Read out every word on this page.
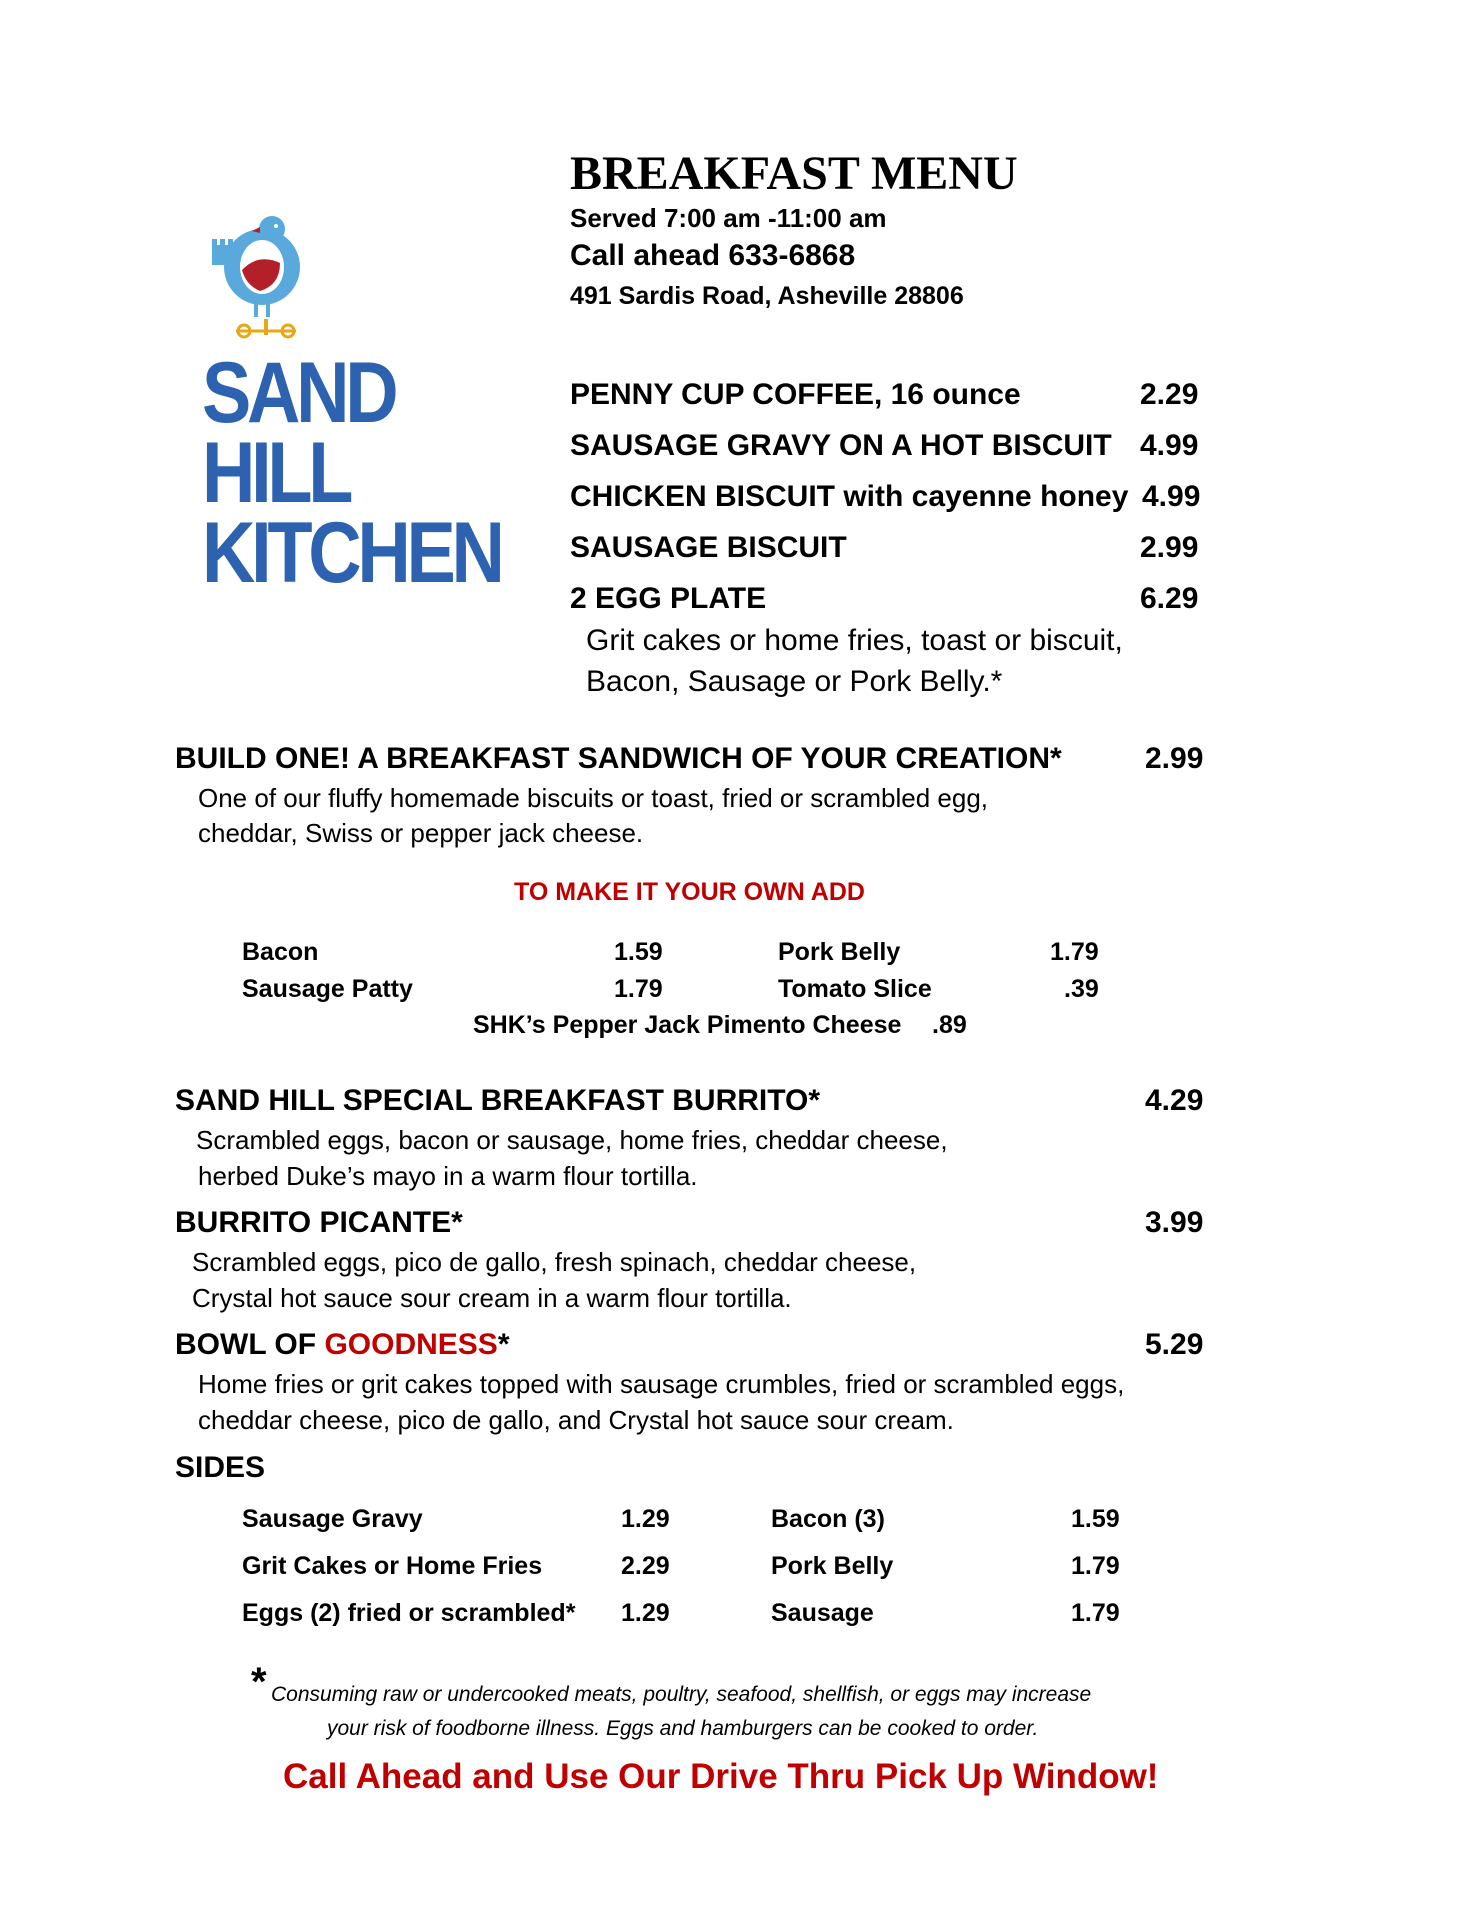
BREAKFAST MENU
Served 7:00 am -11:00 am
Call ahead 633-6868
491 Sardis Road, Asheville 28806
SAND
HILL
KITCHEN
PENNY CUP COFFEE, 16 ounce	2.29
SAUSAGE GRAVY ON A HOT BISCUIT 4.99
CHICKEN BISCUIT with cayenne honey 4.99
SAUSAGE BISCUIT	2.99
2 EGG PLATE	6.29
Grit cakes or home fries, toast or biscuit,
Bacon, Sausage or Pork Belly.*
BUILD ONE! A BREAKFAST SANDWICH OF YOUR CREATION*	2.99
One of our fluffy homemade biscuits or toast, fried or scrambled egg,
cheddar, Swiss or pepper jack cheese.
TO MAKE IT YOUR OWN ADD
Bacon	1.59	Pork Belly	1.79
Sausage Patty	1.79	Tomato Slice	.39
SHK’s Pepper Jack Pimento Cheese .89
SAND HILL SPECIAL BREAKFAST BURRITO*	4.29
Scrambled eggs, bacon or sausage, home fries, cheddar cheese,
herbed Duke’s mayo in a warm flour tortilla.
BURRITO PICANTE*	3.99
Scrambled eggs, pico de gallo, fresh spinach, cheddar cheese,
Crystal hot sauce sour cream in a warm flour tortilla.
BOWL OF GOODNESS*	5.29
Home fries or grit cakes topped with sausage crumbles, fried or scrambled eggs,
cheddar cheese, pico de gallo, and Crystal hot sauce sour cream.
SIDES
Sausage Gravy	1.29	Bacon (3)	1.59
Grit Cakes or Home Fries	2.29	Pork Belly	1.79
Eggs (2) fried or scrambled* 1.29	Sausage	1.79
* Consuming raw or undercooked meats, poultry, seafood, shellfish, or eggs may increase
your risk of foodborne illness. Eggs and hamburgers can be cooked to order.
Call Ahead and Use Our Drive Thru Pick Up Window!
